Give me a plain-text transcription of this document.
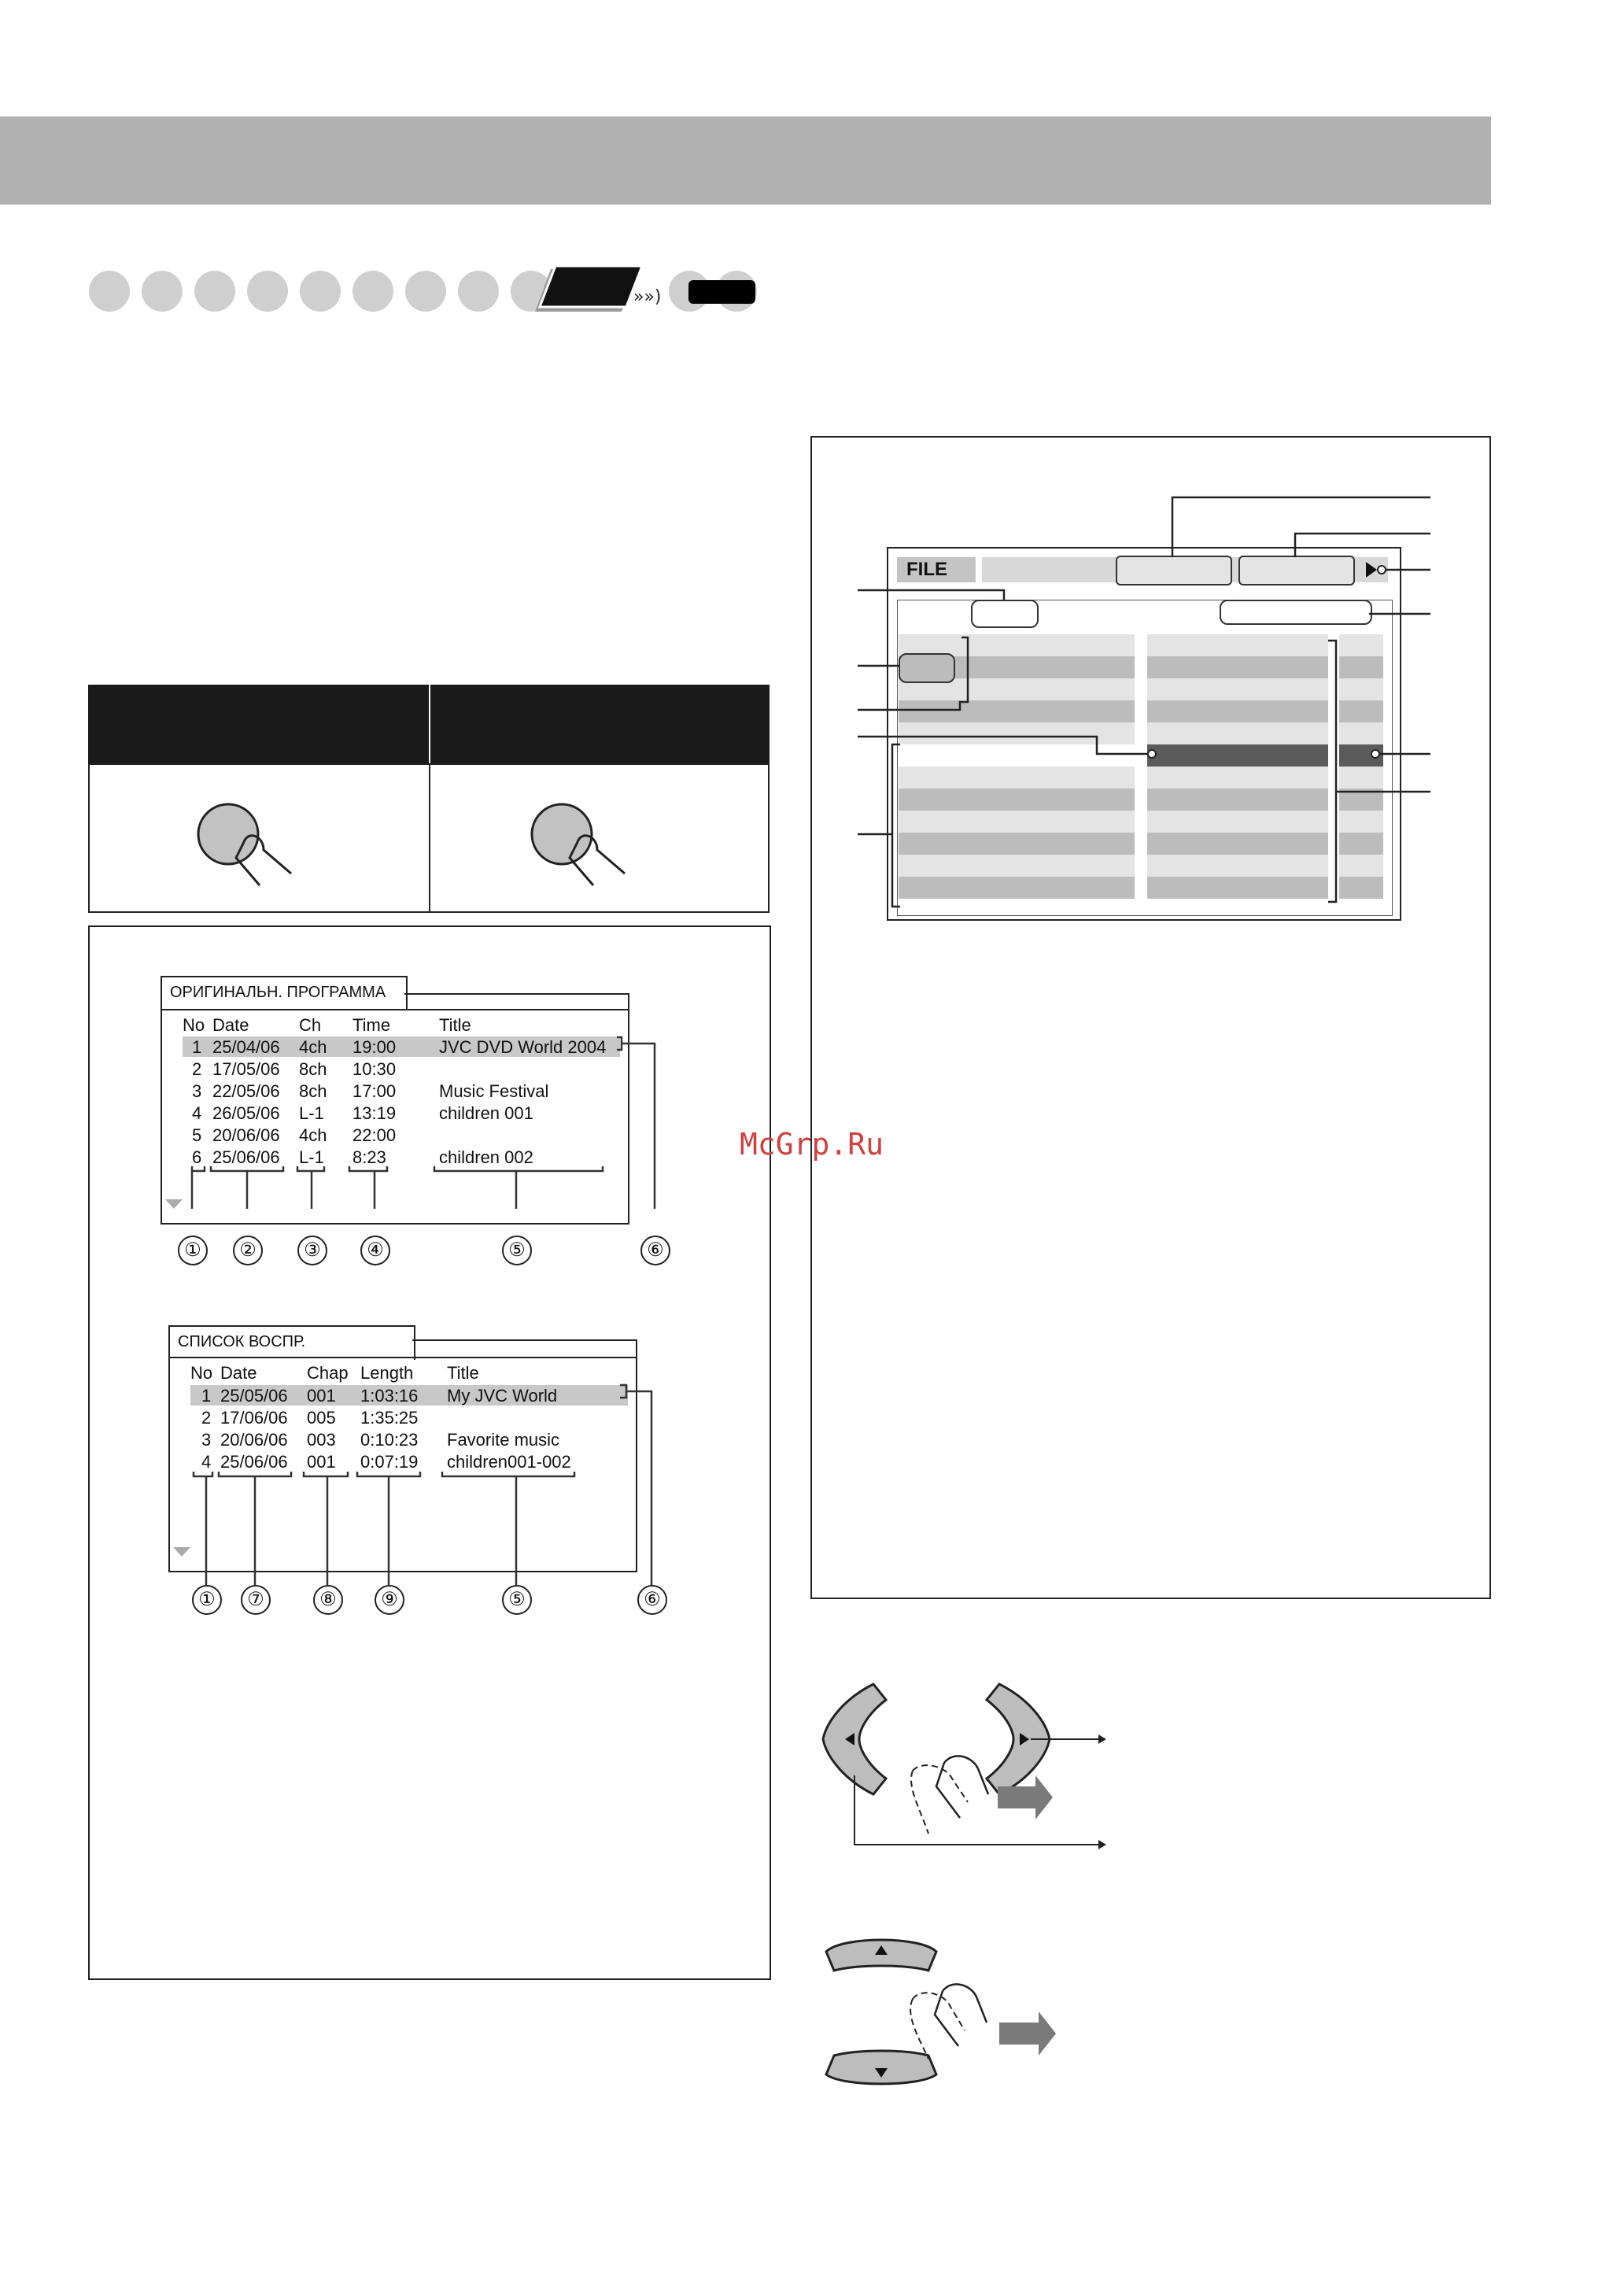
»»)
ОРИГИНАЛЬН. ПРОГРАММА
No Date	Ch Time	Title
1 25/04/06 4ch 19:00 JVC DVD World 2004
2 17/05/06 8ch 10:30
3 22/05/06 8ch 17:00 Music Festival
4 26/05/06 L-1 13:19 children 001
5 20/06/06 4ch 22:00
6 25/06/06 L-1 8:23	children 002
①	②	③	④	⑤	⑥
СПИСОК ВОСПР.
No Date	Chap Length Title
1 25/05/06 001 1:03:16 My JVC World
2 17/06/06 005 1:35:25
3 20/06/06 003 0:10:23 Favorite music
4 25/06/06 001 0:07:19 children001-002
①	⑦	⑧	⑨	⑤	⑥
FILE
McGrp.Ru
